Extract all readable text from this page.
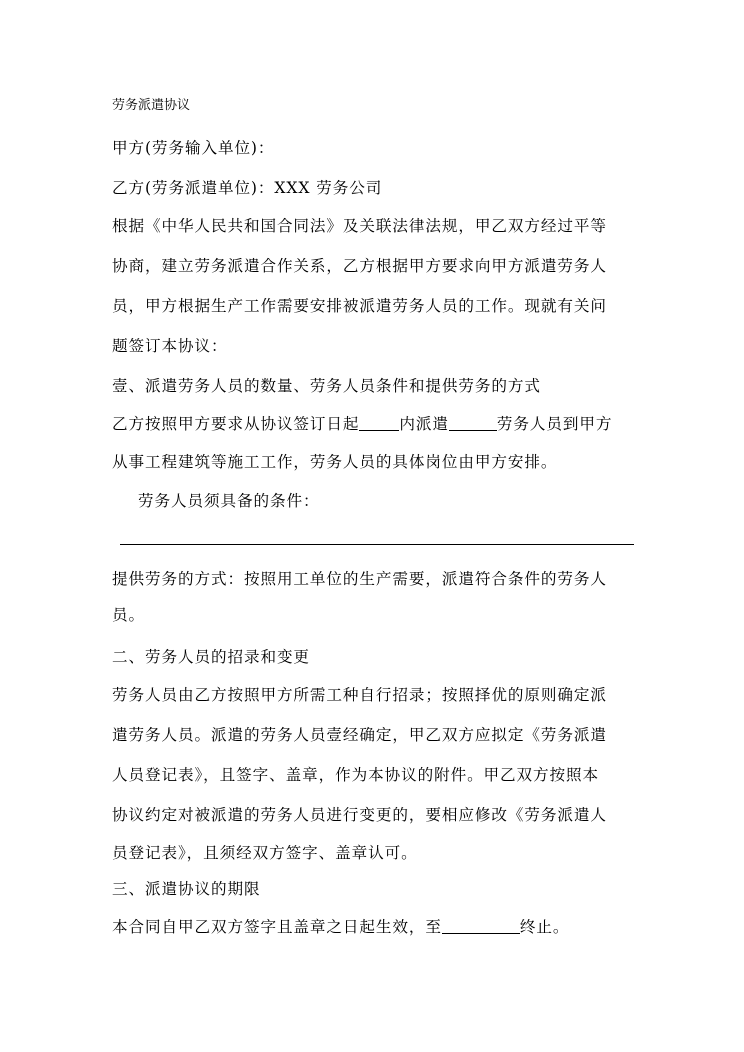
劳务派遣协议
甲方(劳务输入单位)：
乙方(劳务派遣单位)：XXX 劳务公司
根据《中华人民共和国合同法》及关联法律法规，甲乙双方经过平等
协商，建立劳务派遣合作关系，乙方根据甲方要求向甲方派遣劳务人
员，甲方根据生产工作需要安排被派遣劳务人员的工作。现就有关问
题签订本协议：
壹、派遣劳务人员的数量、劳务人员条件和提供劳务的方式
乙方按照甲方要求从协议签订日起	内派遣	劳务人员到甲方
从事工程建筑等施工工作，劳务人员的具体岗位由甲方安排。
劳务人员须具备的条件：
提供劳务的方式：按照用工单位的生产需要，派遣符合条件的劳务人
员。
二、劳务人员的招录和变更
劳务人员由乙方按照甲方所需工种自行招录；按照择优的原则确定派
遣劳务人员。派遣的劳务人员壹经确定，甲乙双方应拟定《劳务派遣
人员登记表》，且签字、盖章，作为本协议的附件。甲乙双方按照本
协议约定对被派遣的劳务人员进行变更的，要相应修改《劳务派遣人
员登记表》，且须经双方签字、盖章认可。
三、派遣协议的期限
本合同自甲乙双方签字且盖章之日起生效，至	终止。
